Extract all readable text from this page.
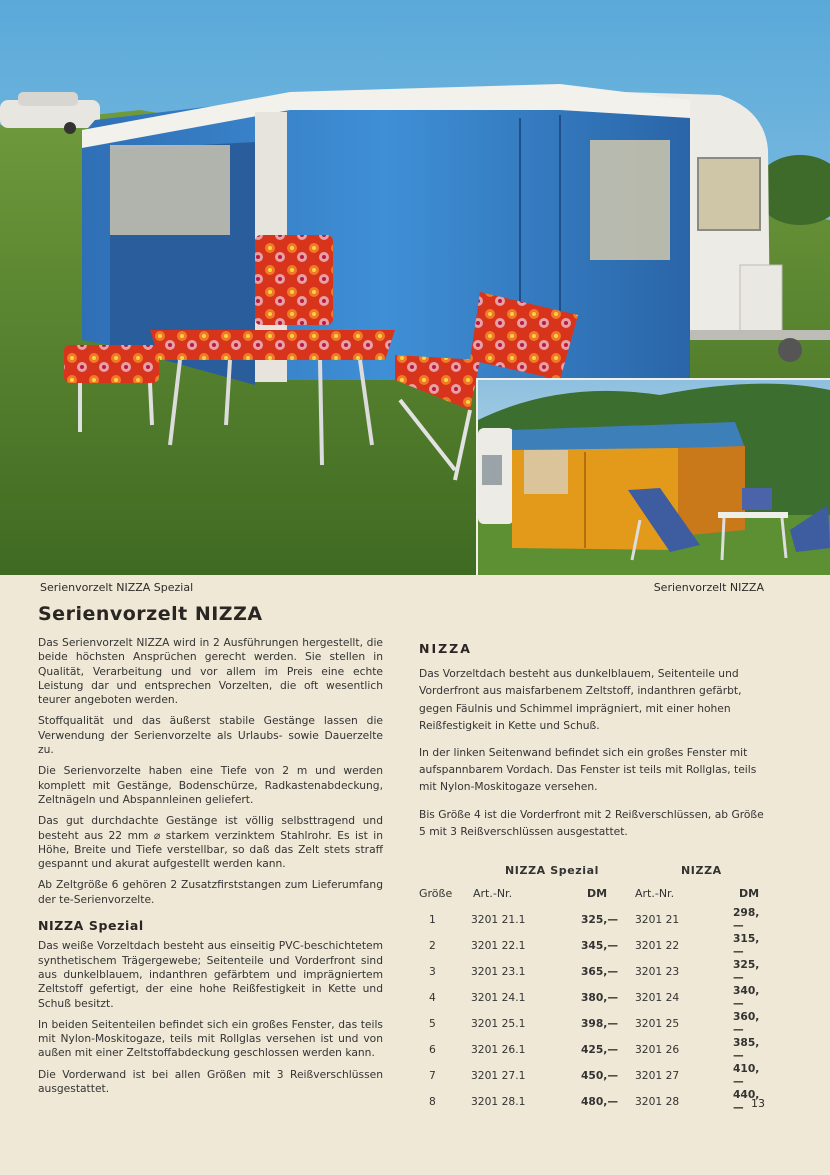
Serienvorzelt NIZZA Spezial	Serienvorzelt NIZZA
Serienvorzelt NIZZA

Das Serienvorzelt NIZZA wird in 2 Ausführungen hergestellt, die beide höchsten Ansprüchen gerecht werden. Sie stellen in Qualität, Verarbeitung und vor allem im Preis eine echte Leistung dar und entsprechen Vorzelten, die oft wesentlich teurer angeboten werden.

Stoffqualität und das äußerst stabile Gestänge lassen die Verwendung der Serienvorzelte als Urlaubs- sowie Dauerzelte zu.

Die Serienvorzelte haben eine Tiefe von 2 m und werden komplett mit Gestänge, Bodenschürze, Radkastenabdeckung, Zeltnägeln und Abspannleinen geliefert.

Das gut durchdachte Gestänge ist völlig selbsttragend und besteht aus 22 mm ⌀ starkem verzinktem Stahlrohr. Es ist in Höhe, Breite und Tiefe verstellbar, so daß das Zelt stets straff gespannt und akurat aufgestellt werden kann.

Ab Zeltgröße 6 gehören 2 Zusatzfirststangen zum Lieferumfang der te-Serienvorzelte.

NIZZA Spezial

Das weiße Vorzeltdach besteht aus einseitig PVC-beschichtetem synthetischem Trägergewebe; Seitenteile und Vorderfront sind aus dunkelblauem, indanthren gefärbtem und imprägniertem Zeltstoff gefertigt, der eine hohe Reißfestigkeit in Kette und Schuß besitzt.

In beiden Seitenteilen befindet sich ein großes Fenster, das teils mit Nylon-Moskitogaze, teils mit Rollglas versehen ist und von außen mit einer Zeltstoffabdeckung geschlossen werden kann.

Die Vorderwand ist bei allen Größen mit 3 Reißverschlüssen ausgestattet.

NIZZA

Das Vorzeltdach besteht aus dunkelblauem, Seitenteile und Vorderfront aus maisfarbenem Zeltstoff, indanthren gefärbt, gegen Fäulnis und Schimmel imprägniert, mit einer hohen Reißfestigkeit in Kette und Schuß.

In der linken Seitenwand befindet sich ein großes Fenster mit aufspannbarem Vordach. Das Fenster ist teils mit Rollglas, teils mit Nylon-Moskitogaze versehen.

Bis Größe 4 ist die Vorderfront mit 2 Reißverschlüssen, ab Größe 5 mit 3 Reißverschlüssen ausgestattet.

	NIZZA Spezial		NIZZA	
Größe	Art.-Nr.	DM	Art.-Nr.	DM
1	3201 21.1	325,—	3201 21	298,—
2	3201 22.1	345,—	3201 22	315,—
3	3201 23.1	365,—	3201 23	325,—
4	3201 24.1	380,—	3201 24	340,—
5	3201 25.1	398,—	3201 25	360,—
6	3201 26.1	425,—	3201 26	385,—
7	3201 27.1	450,—	3201 27	410,—
8	3201 28.1	480,—	3201 28	440,— 13
